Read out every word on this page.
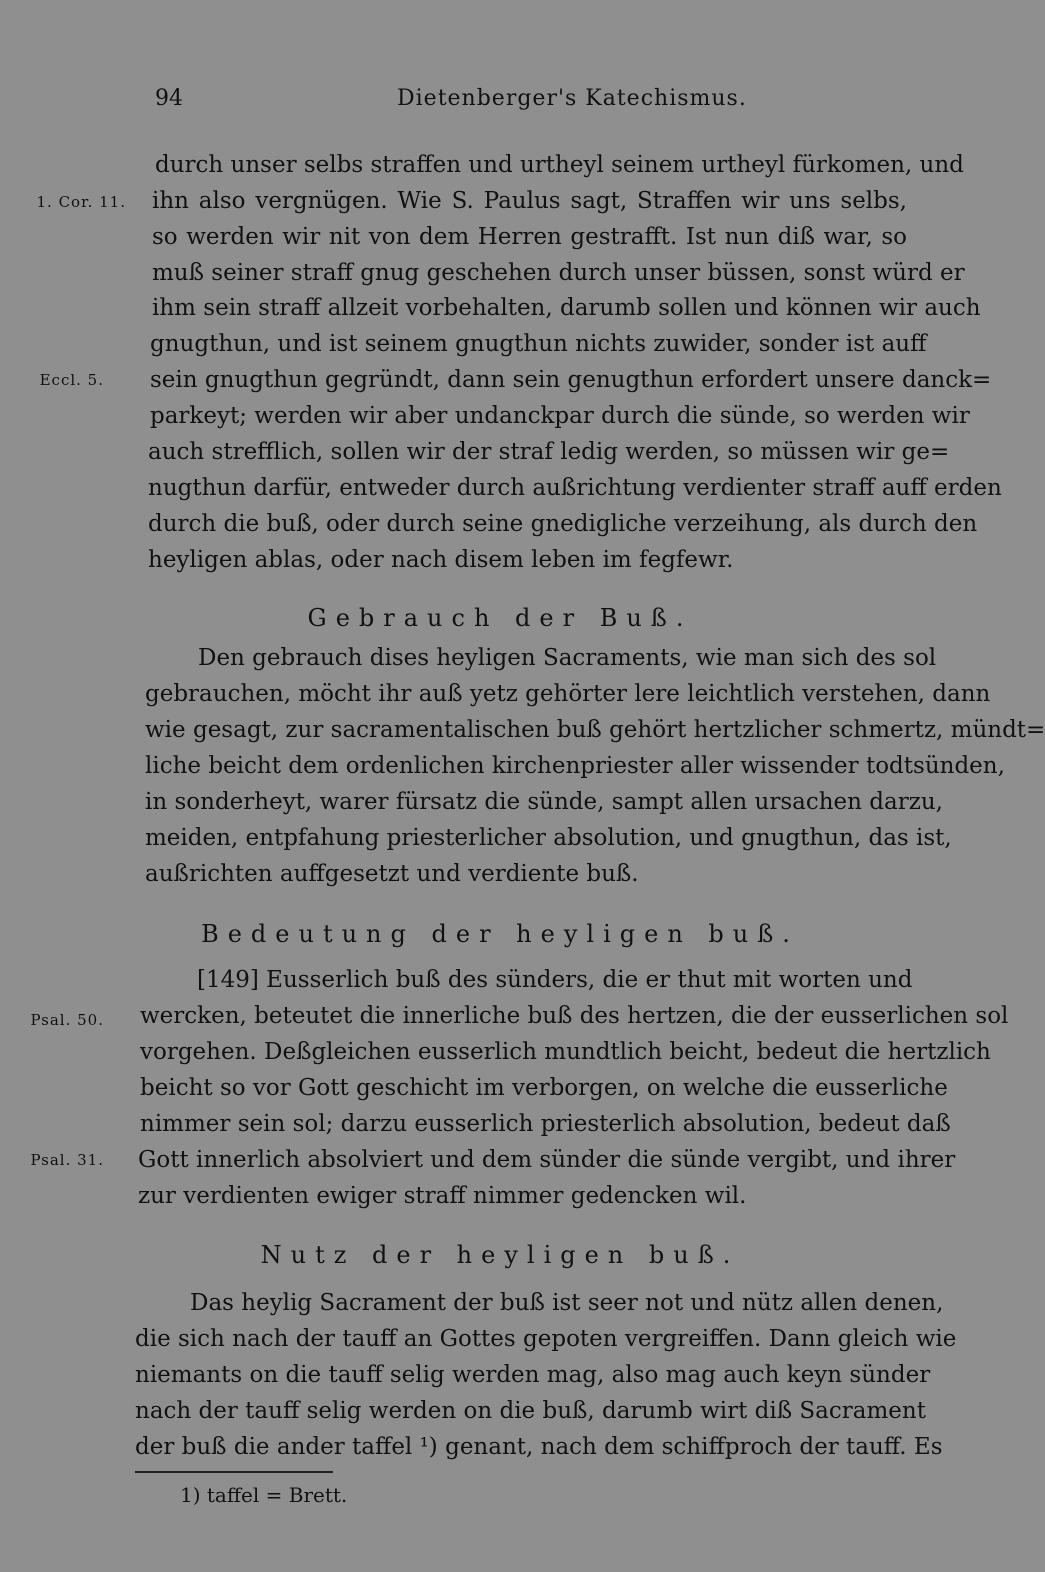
94	Dietenberger's Katechismus.
1. Cor. 11.
Eccl. 5.
Psal. 50.
Psal. 31.
durch unser selbs straffen und urtheyl seinem urtheyl fürkomen, und
ihn also vergnügen. Wie S. Paulus sagt, Straffen wir uns selbs,
so werden wir nit von dem Herren gestrafft. Ist nun diß war, so
muß seiner straff gnug geschehen durch unser büssen, sonst würd er
ihm sein straff allzeit vorbehalten, darumb sollen und können wir auch
gnugthun, und ist seinem gnugthun nichts zuwider, sonder ist auff
sein gnugthun gegründt, dann sein genugthun erfordert unsere danck=
parkeyt; werden wir aber undanckpar durch die sünde, so werden wir
auch strefflich, sollen wir der straf ledig werden, so müssen wir ge=
nugthun darfür, entweder durch außrichtung verdienter straff auff erden
durch die buß, oder durch seine gnedigliche verzeihung, als durch den
heyligen ablas, oder nach disem leben im fegfewr.
Gebrauch der Buß.
Den gebrauch dises heyligen Sacraments, wie man sich des sol
gebrauchen, möcht ihr auß yetz gehörter lere leichtlich verstehen, dann
wie gesagt, zur sacramentalischen buß gehört hertzlicher schmertz, mündt=
liche beicht dem ordenlichen kirchenpriester aller wissender todtsünden,
in sonderheyt, warer fürsatz die sünde, sampt allen ursachen darzu,
meiden, entpfahung priesterlicher absolution, und gnugthun, das ist,
außrichten auffgesetzt und verdiente buß.
Bedeutung der heyligen buß.
[149] Eusserlich buß des sünders, die er thut mit worten und
wercken, beteutet die innerliche buß des hertzen, die der eusserlichen sol
vorgehen. Deßgleichen eusserlich mundtlich beicht, bedeut die hertzlich
beicht so vor Gott geschicht im verborgen, on welche die eusserliche
nimmer sein sol; darzu eusserlich priesterlich absolution, bedeut daß
Gott innerlich absolviert und dem sünder die sünde vergibt, und ihrer
zur verdienten ewiger straff nimmer gedencken wil.
Nutz der heyligen buß.
Das heylig Sacrament der buß ist seer not und nütz allen denen,
die sich nach der tauff an Gottes gepoten vergreiffen. Dann gleich wie
niemants on die tauff selig werden mag, also mag auch keyn sünder
nach der tauff selig werden on die buß, darumb wirt diß Sacrament
der buß die ander taffel ¹) genant, nach dem schiffproch der tauff. Es
1) taffel = Brett.
